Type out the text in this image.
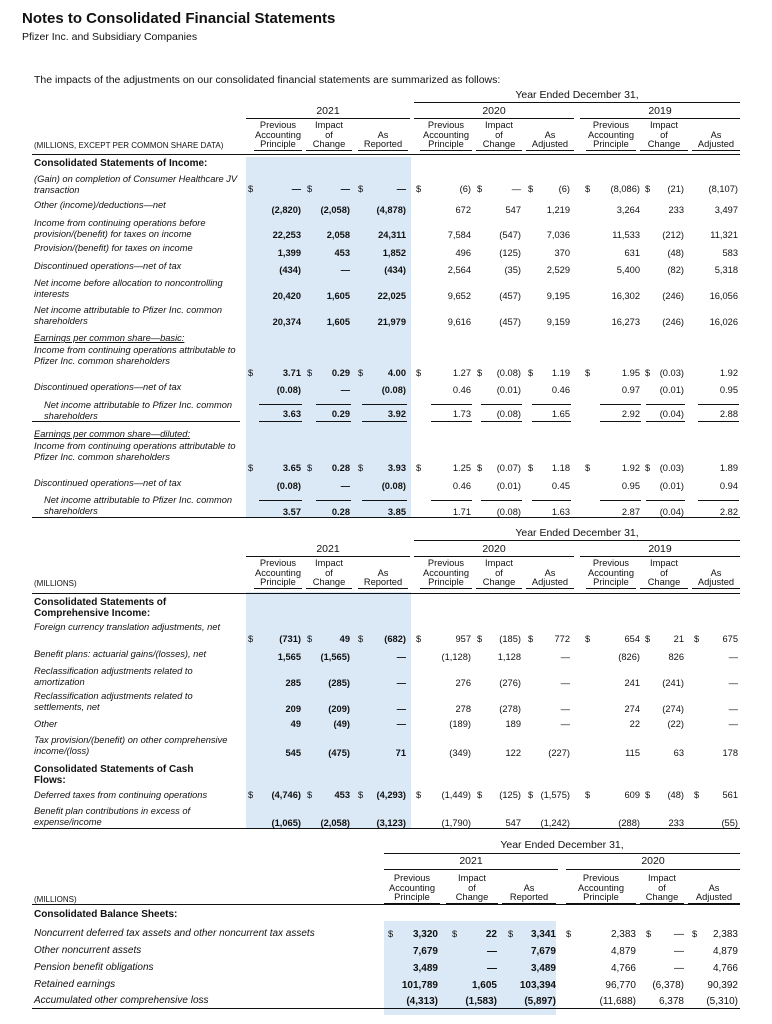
Notes to Consolidated Financial Statements
Pfizer Inc. and Subsidiary Companies
The impacts of the adjustments on our consolidated financial statements are summarized as follows:
Year Ended December 31,
2021	2020	2019
Previous
Accounting
Principle
Impact
of
Change

As
Reported
Previous
Accounting
Principle
Impact
of
Change

As
Adjusted
Previous
Accounting
Principle
Impact
of
Change

As
Adjusted
(MILLIONS, EXCEPT PER COMMON SHARE DATA)
Consolidated Statements of Income:
(Gain) on completion of Consumer Healthcare JV transaction	—	—	—	(6)	—	(6)	(8,086)	(21)	(8,107)
Other (income)/deductions—net	(2,820) (2,058)	(4,878)	672	547	1,219	3,264	233	3,497
Income from continuing operations before provision/(benefit) for taxes on income	22,253	2,058	24,311	7,584	(547)	7,036	11,533 (212)	11,321
Provision/(benefit) for taxes on income	1,399	453	1,852	496	(125)	370	631	(48)	583
Discontinued operations—net of tax	(434)	—	(434)	2,564	(35)	2,529	5,400	(82)	5,318
Net income before allocation to noncontrolling interests	20,420	1,605	22,025	9,652	(457)	9,195	16,302 (246)	16,056
Net income attributable to Pfizer Inc. common shareholders	20,374	1,605	21,979	9,616	(457)	9,159	16,273 (246)	16,026
$	$	$	$	$	$	$	$
Earnings per common share—basic:
Income from continuing operations attributable to Pfizer Inc. common shareholders
3.71	0.29	4.00	1.27	(0.08)	1.19	1.95 (0.03)	1.92
Discontinued operations—net of tax	(0.08)	—	(0.08)	0.46	(0.01)	0.46	0.97 (0.01)	0.95
Net income attributable to Pfizer Inc. common shareholders	3.63	0.29	3.92	1.73	(0.08)	1.65	2.92 (0.04)	2.88
$	$	$	$	$	$	$	$
Earnings per common share—diluted:
Income from continuing operations attributable to Pfizer Inc. common shareholders
3.65	0.28	3.93	1.25	(0.07)	1.18	1.92 (0.03)	1.89
Discontinued operations—net of tax	(0.08)	—	(0.08)	0.46	(0.01)	0.45	0.95 (0.01)	0.94
Net income attributable to Pfizer Inc. common shareholders	3.57	0.28	3.85	1.71	(0.08)	1.63	2.87 (0.04)	2.82
$	$	$	$	$	$	$	$
Year Ended December 31,
2021	2020	2019
Previous
Accounting
Principle
Impact
of
Change

As
Reported
Previous
Accounting
Principle
Impact
of
Change

As
Adjusted
Previous
Accounting
Principle
Impact
of
Change

As
Adjusted
(MILLIONS)
Consolidated Statements of Comprehensive Income:
Foreign currency translation adjustments, net
(731)	49	(682)	957	(185)	772	654	21	675
Benefit plans: actuarial gains/(losses), net	1,565 (1,565)	—	(1,128)	1,128	—	(826)	826	—
Reclassification adjustments related to amortization	285	(285)	—	276	(276)	—	241 (241)	—
Reclassification adjustments related to settlements, net	209	(209)	—	278	(278)	—	274 (274)	—
Other	49	(49)	—	(189)	189	—	22	(22)	—
Tax provision/(benefit) on other comprehensive income/(loss)	545	(475)	71	(349)	122	(227)	115	63	178
$	$	$	$	$	$	$	$	$
Consolidated Statements of Cash Flows:
Deferred taxes from continuing operations	(4,746)	453	(4,293)	(1,449)	(125) (1,575)	609	(48)	561
Benefit plan contributions in excess of expense/income	(1,065) (2,058)	(3,123)	(1,790)	547 (1,242)	(288)	233	(55)
$	$	$	$	$	$	$	$	$
Year Ended December 31,
2021	2020
Previous
Accounting
Principle
Impact
of
Change

As
Reported
Previous
Accounting
Principle
Impact
of
Change

As
Adjusted
(MILLIONS)
Consolidated Balance Sheets:
Noncurrent deferred tax assets and other noncurrent tax assets	3,320	22	3,341	2,383	—	2,383
Other noncurrent assets	7,679	—	7,679	4,879	—	4,879
Pension benefit obligations	3,489	—	3,489	4,766	—	4,766
Retained earnings	101,789	1,605 103,394	96,770 (6,378) 90,392
Accumulated other comprehensive loss	(4,313)	(1,583)	(5,897)	(11,688) 6,378 (5,310)
$	$	$	$	$	$
